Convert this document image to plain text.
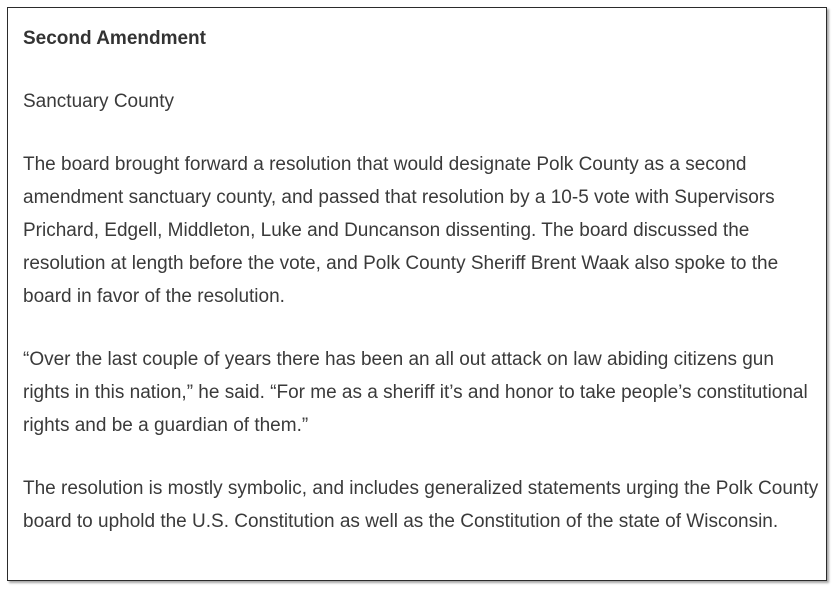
Second Amendment
Sanctuary County

The board brought forward a resolution that would designate Polk County as a second amendment sanctuary county, and passed that resolution by a 10-5 vote with Supervisors Prichard, Edgell, Middleton, Luke and Duncanson dissenting. The board discussed the resolution at length before the vote, and Polk County Sheriff Brent Waak also spoke to the board in favor of the resolution.

“Over the last couple of years there has been an all out attack on law abiding citizens gun rights in this nation,” he said. “For me as a sheriff it’s and honor to take people’s constitutional rights and be a guardian of them.”

The resolution is mostly symbolic, and includes generalized statements urging the Polk County board to uphold the U.S. Constitution as well as the Constitution of the state of Wisconsin.
